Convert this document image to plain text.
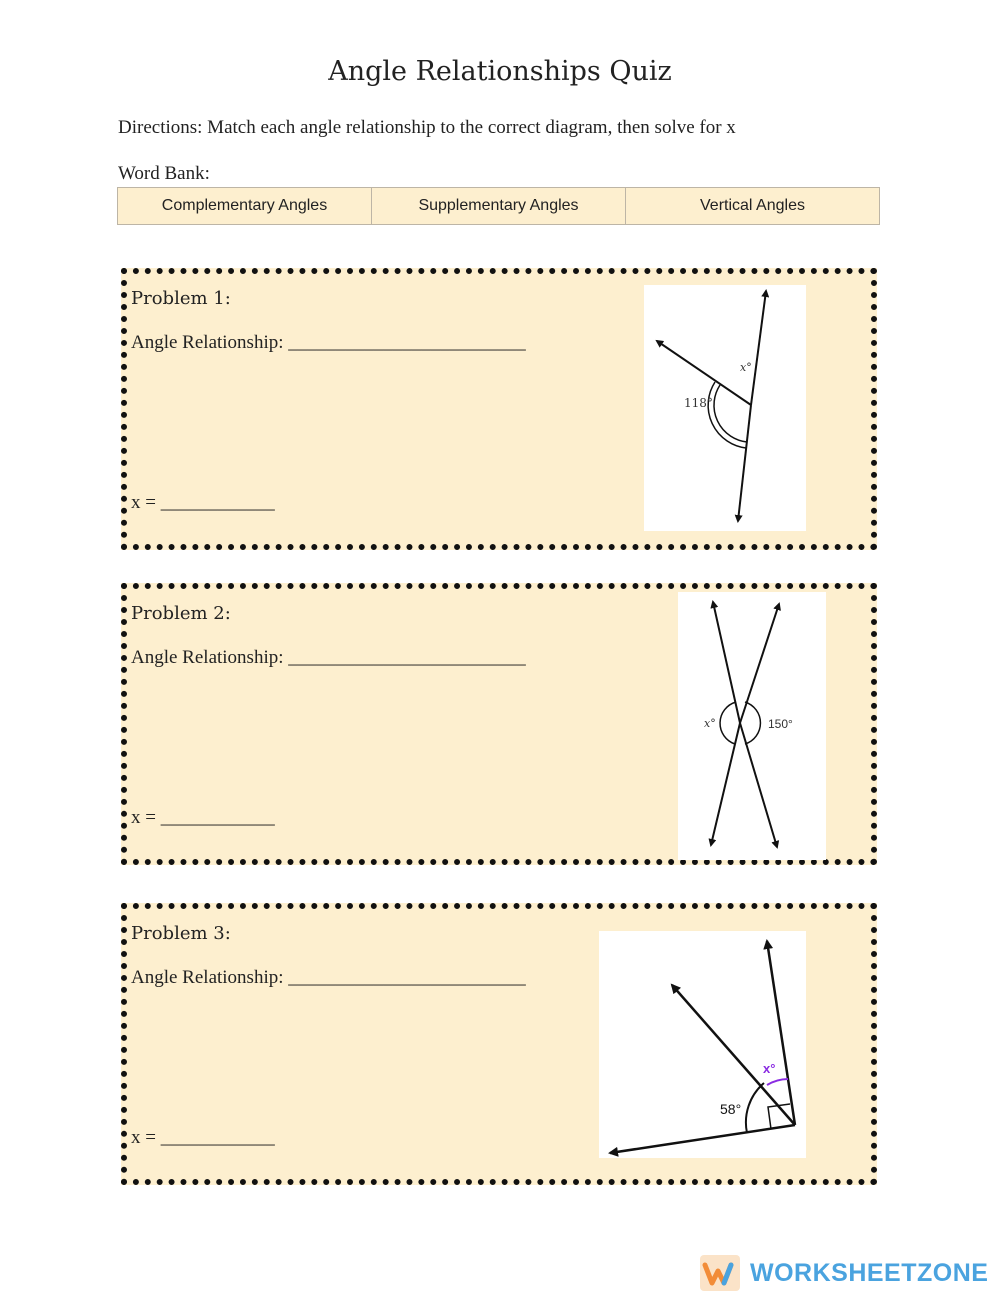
Angle Relationships Quiz
Directions: Match each angle relationship to the correct diagram, then solve for x
Word Bank:
Complementary Angles	Supplementary Angles	Vertical Angles
Problem 1:
Angle Relationship: _________________________
x = ____________
x°
118°
Problem 2:
Angle Relationship: _________________________
x = ____________
x°	150°
Problem 3:
Angle Relationship: _________________________
x = ____________
x°
58°
WORKSHEETZONE
